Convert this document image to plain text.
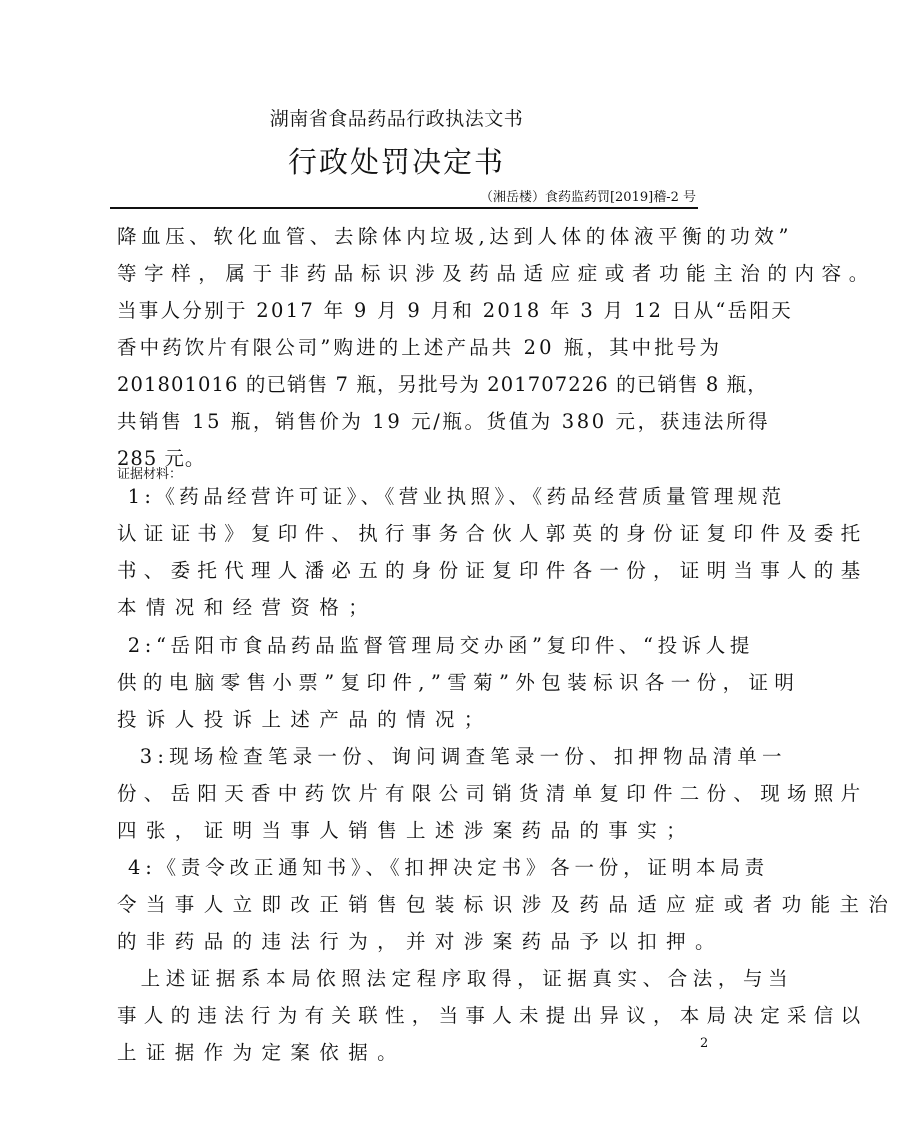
湖南省食品药品行政执法文书
行政处罚决定书
（湘岳楼）食药监药罚[2019]稽-2 号
降血压、软化血管、去除体内垃圾,达到人体的体液平衡的功效”
等字样，属于非药品标识涉及药品适应症或者功能主治的内容。
当事人分别于 2017 年 9 月 9 月和 2018 年 3 月 12 日从“岳阳天
香中药饮片有限公司”购进的上述产品共 20 瓶，其中批号为
201801016 的已销售 7 瓶，另批号为 201707226 的已销售 8 瓶，
共销售 15 瓶，销售价为 19 元/瓶。货值为 380 元，获违法所得
285 元。
证据材料：
1:《药品经营许可证》、《营业执照》、《药品经营质量管理规范
认证证书》复印件、执行事务合伙人郭英的身份证复印件及委托
书、委托代理人潘必五的身份证复印件各一份，证明当事人的基
本情况和经营资格；
2:“岳阳市食品药品监督管理局交办函”复印件、“投诉人提
供的电脑零售小票”复印件,”雪菊”外包装标识各一份，证明
投诉人投诉上述产品的情况；
3:现场检查笔录一份、询问调查笔录一份、扣押物品清单一
份、岳阳天香中药饮片有限公司销货清单复印件二份、现场照片
四张，证明当事人销售上述涉案药品的事实；
4:《责令改正通知书》、《扣押决定书》各一份，证明本局责
令当事人立即改正销售包装标识涉及药品适应症或者功能主治
的非药品的违法行为，并对涉案药品予以扣押。
上述证据系本局依照法定程序取得，证据真实、合法，与当
事人的违法行为有关联性，当事人未提出异议，本局决定采信以
上证据作为定案依据。	2
